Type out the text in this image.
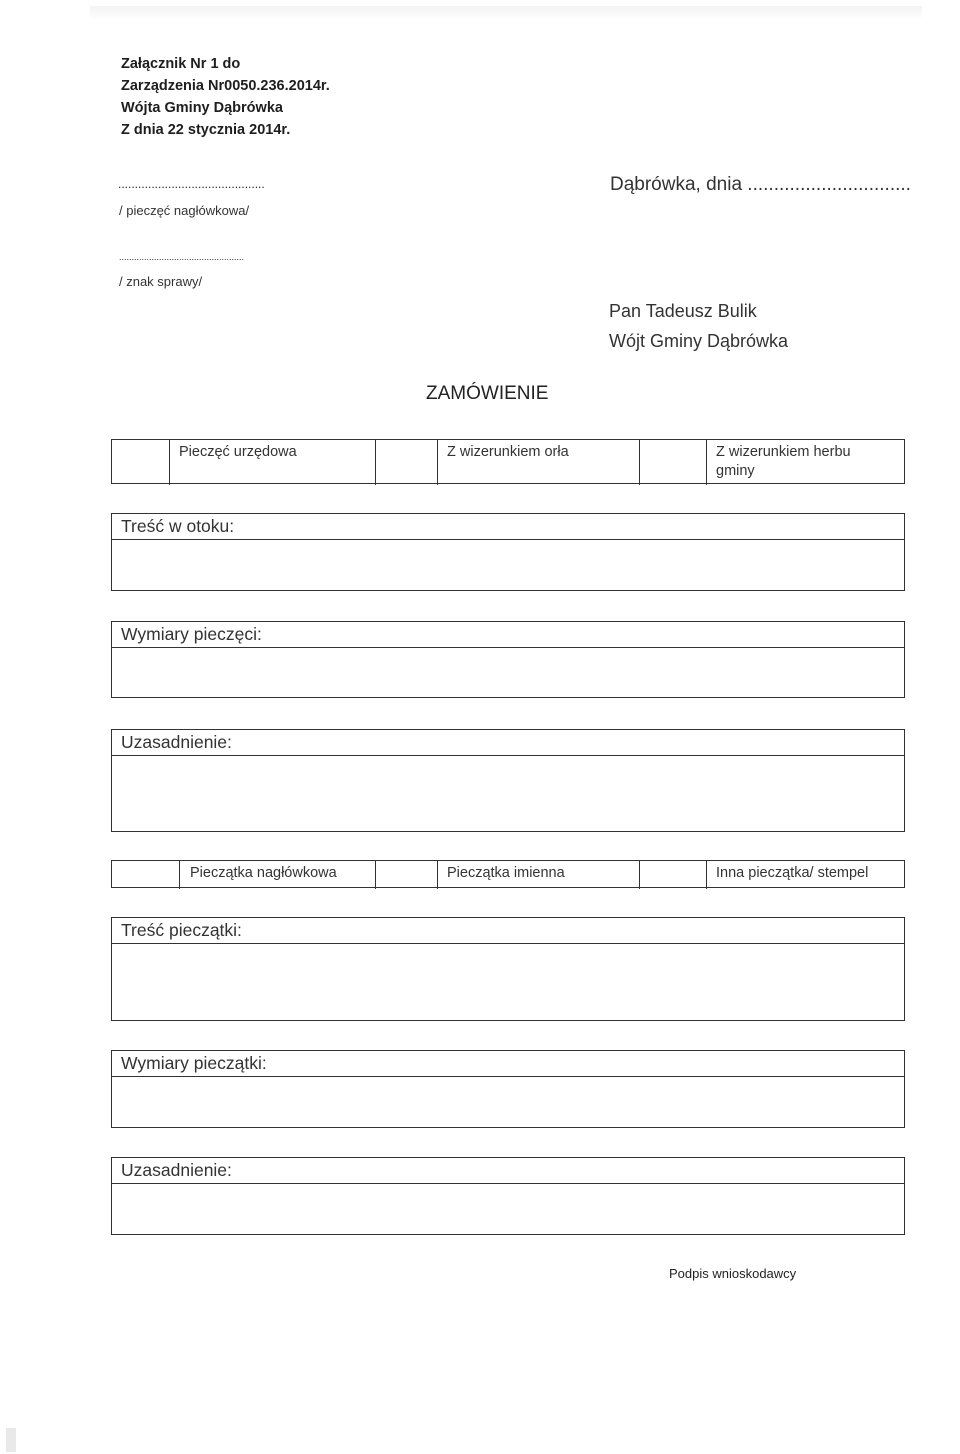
Załącznik Nr 1 do
Zarządzenia Nr0050.236.2014r.
Wójta Gminy Dąbrówka
Z dnia 22 stycznia 2014r.
............................................
/ pieczęć nagłówkowa/
..................................................
/ znak sprawy/
Dąbrówka, dnia ...............................
Pan Tadeusz Bulik
Wójt Gminy Dąbrówka
ZAMÓWIENIE
Pieczęć urzędowa	Z wizerunkiem orła	Z wizerunkiem herbu gminy
Treść w otoku:
Wymiary pieczęci:
Uzasadnienie:
Pieczątka nagłówkowa	Pieczątka imienna	Inna pieczątka/ stempel
Treść pieczątki:
Wymiary pieczątki:
Uzasadnienie:
Podpis wnioskodawcy
